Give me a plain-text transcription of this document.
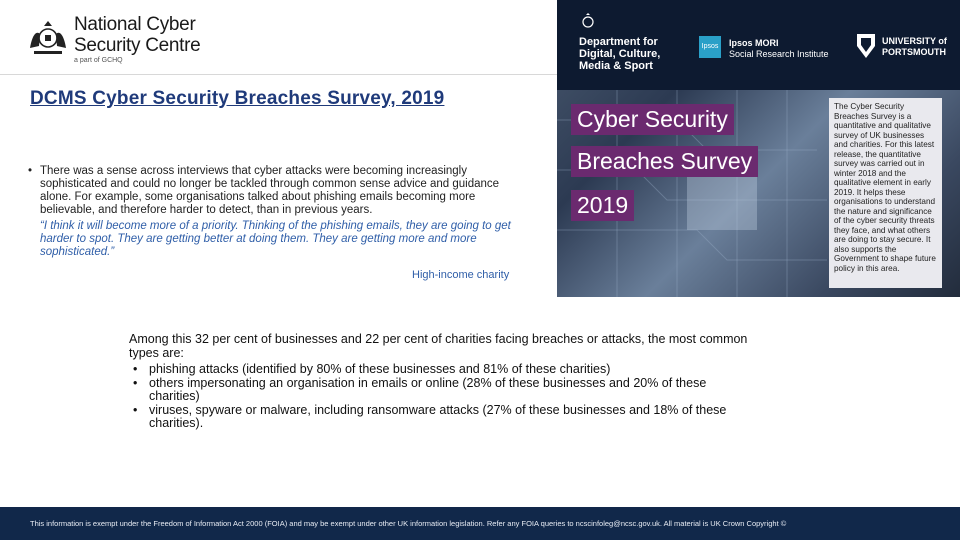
National Cyber
Security Centre
a part of GCHQ
DCMS Cyber Security Breaches Survey, 2019
• There was a sense across interviews that cyber attacks were becoming increasingly sophisticated and could no longer be tackled through common sense advice and guidance alone. For example, some organisations talked about phishing emails becoming more believable, and therefore harder to detect, than in previous years.
“I think it will become more of a priority. Thinking of the phishing emails, they are going to get harder to spot. They are getting better at doing them. They are getting more and more sophisticated.”
High-income charity
Department for
Digital, Culture,
Media & Sport
Ipsos Ipsos MORI
Social Research Institute
UNIVERSITY of
PORTSMOUTH
Cyber Security
Breaches Survey
2019
The Cyber Security Breaches Survey is a quantitative and qualitative survey of UK businesses and charities. For this latest release, the quantitative survey was carried out in winter 2018 and the qualitative element in early 2019. It helps these organisations to understand the nature and significance of the cyber security threats they face, and what others are doing to stay secure. It also supports the Government to shape future policy in this area.

Among this 32 per cent of businesses and 22 per cent of charities facing breaches or attacks, the most common types are:

• phishing attacks (identified by 80% of these businesses and 81% of these charities)
• others impersonating an organisation in emails or online (28% of these businesses and 20% of these charities)
• viruses, spyware or malware, including ransomware attacks (27% of these businesses and 18% of these charities).
This information is exempt under the Freedom of Information Act 2000 (FOIA) and may be exempt under other UK information legislation. Refer any FOIA queries to ncscinfoleg@ncsc.gov.uk. All material is UK Crown Copyright ©
